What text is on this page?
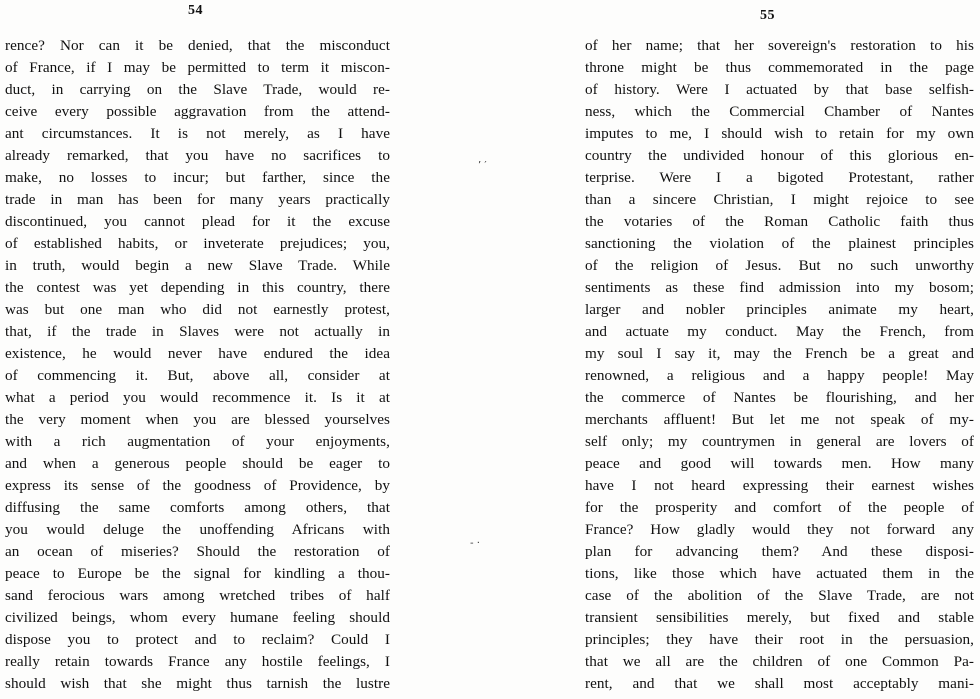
54
rence? Nor can it be denied, that the misconduct
of France, if I may be permitted to term it miscon-
duct, in carrying on the Slave Trade, would re-
ceive every possible aggravation from the attend-
ant circumstances. It is not merely, as I have
already remarked, that you have no sacrifices to
make, no losses to incur; but farther, since the
trade in man has been for many years practically
discontinued, you cannot plead for it the excuse
of established habits, or inveterate prejudices; you,
in truth, would begin a new Slave Trade. While
the contest was yet depending in this country, there
was but one man who did not earnestly protest,
that, if the trade in Slaves were not actually in
existence, he would never have endured the idea
of commencing it. But, above all, consider at
what a period you would recommence it. Is it at
the very moment when you are blessed yourselves
with a rich augmentation of your enjoyments,
and when a generous people should be eager to
express its sense of the goodness of Providence, by
diffusing the same comforts among others, that
you would deluge the unoffending Africans with
an ocean of miseries? Should the restoration of
peace to Europe be the signal for kindling a thou-
sand ferocious wars among wretched tribes of half
civilized beings, whom every humane feeling should
dispose you to protect and to reclaim? Could I
really retain towards France any hostile feelings, I
should wish that she might thus tarnish the lustre
’ ′
- ·
55
of her name; that her sovereign's restoration to his
throne might be thus commemorated in the page
of history. Were I actuated by that base selfish-
ness, which the Commercial Chamber of Nantes
imputes to me, I should wish to retain for my own
country the undivided honour of this glorious en-
terprise. Were I a bigoted Protestant, rather
than a sincere Christian, I might rejoice to see
the votaries of the Roman Catholic faith thus
sanctioning the violation of the plainest principles
of the religion of Jesus. But no such unworthy
sentiments as these find admission into my bosom;
larger and nobler principles animate my heart,
and actuate my conduct. May the French, from
my soul I say it, may the French be a great and
renowned, a religious and a happy people! May
the commerce of Nantes be flourishing, and her
merchants affluent! But let me not speak of my-
self only; my countrymen in general are lovers of
peace and good will towards men. How many
have I not heard expressing their earnest wishes
for the prosperity and comfort of the people of
France? How gladly would they not forward any
plan for advancing them? And these disposi-
tions, like those which have actuated them in the
case of the abolition of the Slave Trade, are not
transient sensibilities merely, but fixed and stable
principles; they have their root in the persuasion,
that we all are the children of one Common Pa-
rent, and that we shall most acceptably mani-
